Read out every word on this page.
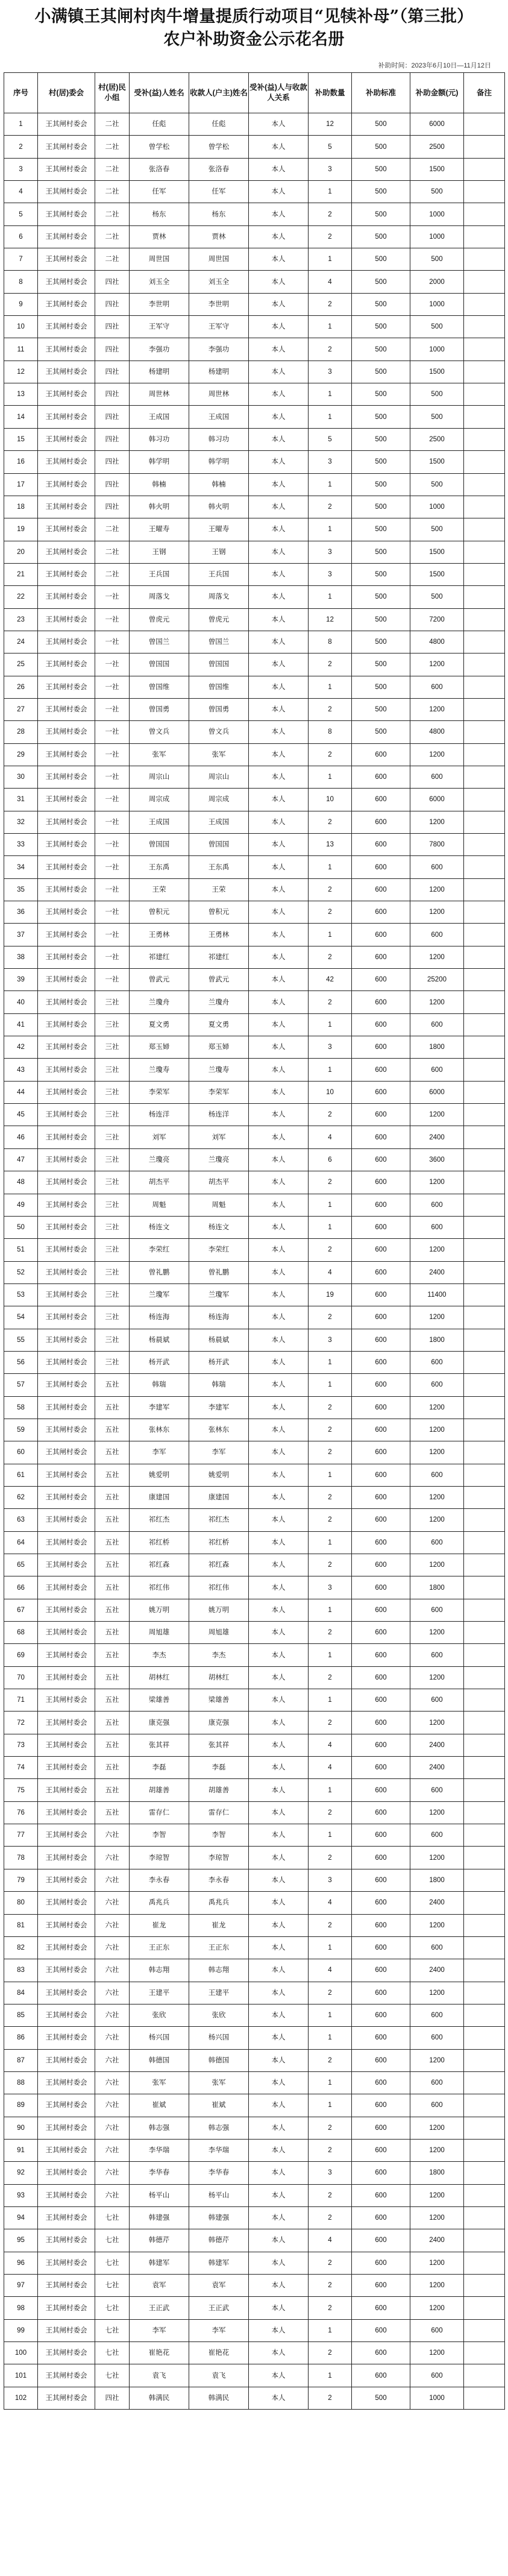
小满镇王其闸村肉牛增量提质行动项目“见犊补母”（第三批）
农户补助资金公示花名册
补助时间：2023年6月10日—11月12日
序号	村(居)委会	村(居)民小组	受补(益)人姓名	收款人(户主)姓名	受补(益)人与收款人关系	补助数量	补助标准	补助金额(元)	备注
1	王其闸村委会	二社	任彪	任彪	本人	12	500	6000	
2	王其闸村委会	二社	曾学松	曾学松	本人	5	500	2500	
3	王其闸村委会	二社	张洛春	张洛春	本人	3	500	1500	
4	王其闸村委会	二社	任军	任军	本人	1	500	500	
5	王其闸村委会	二社	杨东	杨东	本人	2	500	1000	
6	王其闸村委会	二社	贾林	贾林	本人	2	500	1000	
7	王其闸村委会	二社	周世国	周世国	本人	1	500	500	
8	王其闸村委会	四社	刘玉全	刘玉全	本人	4	500	2000	
9	王其闸村委会	四社	李世明	李世明	本人	2	500	1000	
10	王其闸村委会	四社	王军守	王军守	本人	1	500	500	
11	王其闸村委会	四社	李强功	李强功	本人	2	500	1000	
12	王其闸村委会	四社	杨建明	杨建明	本人	3	500	1500	
13	王其闸村委会	四社	周世林	周世林	本人	1	500	500	
14	王其闸村委会	四社	王成国	王成国	本人	1	500	500	
15	王其闸村委会	四社	韩习功	韩习功	本人	5	500	2500	
16	王其闸村委会	四社	韩学明	韩学明	本人	3	500	1500	
17	王其闸村委会	四社	韩楠	韩楠	本人	1	500	500	
18	王其闸村委会	四社	韩火明	韩火明	本人	2	500	1000	
19	王其闸村委会	二社	王曜寿	王曜寿	本人	1	500	500	
20	王其闸村委会	二社	王钢	王钢	本人	3	500	1500	
21	王其闸村委会	二社	王兵国	王兵国	本人	3	500	1500	
22	王其闸村委会	一社	周落戈	周落戈	本人	1	500	500	
23	王其闸村委会	一社	曾虎元	曾虎元	本人	12	500	7200	
24	王其闸村委会	一社	曾国兰	曾国兰	本人	8	500	4800	
25	王其闸村委会	一社	曾国国	曾国国	本人	2	500	1200	
26	王其闸村委会	一社	曾国维	曾国维	本人	1	500	600	
27	王其闸村委会	一社	曾国勇	曾国勇	本人	2	500	1200	
28	王其闸村委会	一社	曾文兵	曾文兵	本人	8	500	4800	
29	王其闸村委会	一社	张军	张军	本人	2	600	1200	
30	王其闸村委会	一社	周宗山	周宗山	本人	1	600	600	
31	王其闸村委会	一社	周宗成	周宗成	本人	10	600	6000	
32	王其闸村委会	一社	王成国	王成国	本人	2	600	1200	
33	王其闸村委会	一社	曾国国	曾国国	本人	13	600	7800	
34	王其闸村委会	一社	王东禹	王东禹	本人	1	600	600	
35	王其闸村委会	一社	王荣	王荣	本人	2	600	1200	
36	王其闸村委会	一社	曾积元	曾积元	本人	2	600	1200	
37	王其闸村委会	一社	王勇林	王勇林	本人	1	600	600	
38	王其闸村委会	一社	祁建红	祁建红	本人	2	600	1200	
39	王其闸村委会	一社	曾武元	曾武元	本人	42	600	25200	
40	王其闸村委会	三社	兰瓊舟	兰瓊舟	本人	2	600	1200	
41	王其闸村委会	三社	夏文勇	夏文勇	本人	1	600	600	
42	王其闸村委会	三社	郑玉婦	郑玉婦	本人	3	600	1800	
43	王其闸村委会	三社	兰瓊寿	兰瓊寿	本人	1	600	600	
44	王其闸村委会	三社	李荣军	李荣军	本人	10	600	6000	
45	王其闸村委会	三社	杨连洋	杨连洋	本人	2	600	1200	
46	王其闸村委会	三社	刘军	刘军	本人	4	600	2400	
47	王其闸村委会	三社	兰瓊亮	兰瓊亮	本人	6	600	3600	
48	王其闸村委会	三社	胡杰平	胡杰平	本人	2	600	1200	
49	王其闸村委会	三社	周魁	周魁	本人	1	600	600	
50	王其闸村委会	三社	杨连文	杨连文	本人	1	600	600	
51	王其闸村委会	三社	李荣红	李荣红	本人	2	600	1200	
52	王其闸村委会	三社	曾礼鹏	曾礼鹏	本人	4	600	2400	
53	王其闸村委会	三社	兰瓊军	兰瓊军	本人	19	600	11400	
54	王其闸村委会	三社	杨连海	杨连海	本人	2	600	1200	
55	王其闸村委会	三社	杨晨斌	杨晨斌	本人	3	600	1800	
56	王其闸村委会	三社	杨开武	杨开武	本人	1	600	600	
57	王其闸村委会	五社	韩瑞	韩瑞	本人	1	600	600	
58	王其闸村委会	五社	李建军	李建军	本人	2	600	1200	
59	王其闸村委会	五社	张林东	张林东	本人	2	600	1200	
60	王其闸村委会	五社	李军	李军	本人	2	600	1200	
61	王其闸村委会	五社	姚爱明	姚爱明	本人	1	600	600	
62	王其闸村委会	五社	康建国	康建国	本人	2	600	1200	
63	王其闸村委会	五社	祁红杰	祁红杰	本人	2	600	1200	
64	王其闸村委会	五社	祁红桥	祁红桥	本人	1	600	600	
65	王其闸村委会	五社	祁红森	祁红森	本人	2	600	1200	
66	王其闸村委会	五社	祁红伟	祁红伟	本人	3	600	1800	
67	王其闸村委会	五社	姚万明	姚万明	本人	1	600	600	
68	王其闸村委会	五社	周旭雄	周旭雄	本人	2	600	1200	
69	王其闸村委会	五社	李杰	李杰	本人	1	600	600	
70	王其闸村委会	五社	胡林红	胡林红	本人	2	600	1200	
71	王其闸村委会	五社	梁雄善	梁雄善	本人	1	600	600	
72	王其闸村委会	五社	康克强	康克强	本人	2	600	1200	
73	王其闸村委会	五社	张其祥	张其祥	本人	4	600	2400	
74	王其闸村委会	五社	李磊	李磊	本人	4	600	2400	
75	王其闸村委会	五社	胡雄善	胡雄善	本人	1	600	600	
76	王其闸村委会	五社	雷存仁	雷存仁	本人	2	600	1200	
77	王其闸村委会	六社	李智	李智	本人	1	600	600	
78	王其闸村委会	六社	李琼智	李琼智	本人	2	600	1200	
79	王其闸村委会	六社	李永春	李永春	本人	3	600	1800	
80	王其闸村委会	六社	禹兆兵	禹兆兵	本人	4	600	2400	
81	王其闸村委会	六社	崔龙	崔龙	本人	2	600	1200	
82	王其闸村委会	六社	王正东	王正东	本人	1	600	600	
83	王其闸村委会	六社	韩志翔	韩志翔	本人	4	600	2400	
84	王其闸村委会	六社	王建平	王建平	本人	2	600	1200	
85	王其闸村委会	六社	张欣	张欣	本人	1	600	600	
86	王其闸村委会	六社	杨兴国	杨兴国	本人	1	600	600	
87	王其闸村委会	六社	韩德国	韩德国	本人	2	600	1200	
88	王其闸村委会	六社	张军	张军	本人	1	600	600	
89	王其闸村委会	六社	崔斌	崔斌	本人	1	600	600	
90	王其闸村委会	六社	韩志强	韩志强	本人	2	600	1200	
91	王其闸村委会	六社	李华瑞	李华瑞	本人	2	600	1200	
92	王其闸村委会	六社	李华春	李华春	本人	3	600	1800	
93	王其闸村委会	六社	杨平山	杨平山	本人	2	600	1200	
94	王其闸村委会	七社	韩建强	韩建强	本人	2	600	1200	
95	王其闸村委会	七社	韩德芹	韩德芹	本人	4	600	2400	
96	王其闸村委会	七社	韩建军	韩建军	本人	2	600	1200	
97	王其闸村委会	七社	袁军	袁军	本人	2	600	1200	
98	王其闸村委会	七社	王正武	王正武	本人	2	600	1200	
99	王其闸村委会	七社	李军	李军	本人	1	600	600	
100	王其闸村委会	七社	崔艳花	崔艳花	本人	2	600	1200	
101	王其闸村委会	七社	袁飞	袁飞	本人	1	600	600	
102	王其闸村委会	四社	韩满民	韩满民	本人	2	500	1000	
